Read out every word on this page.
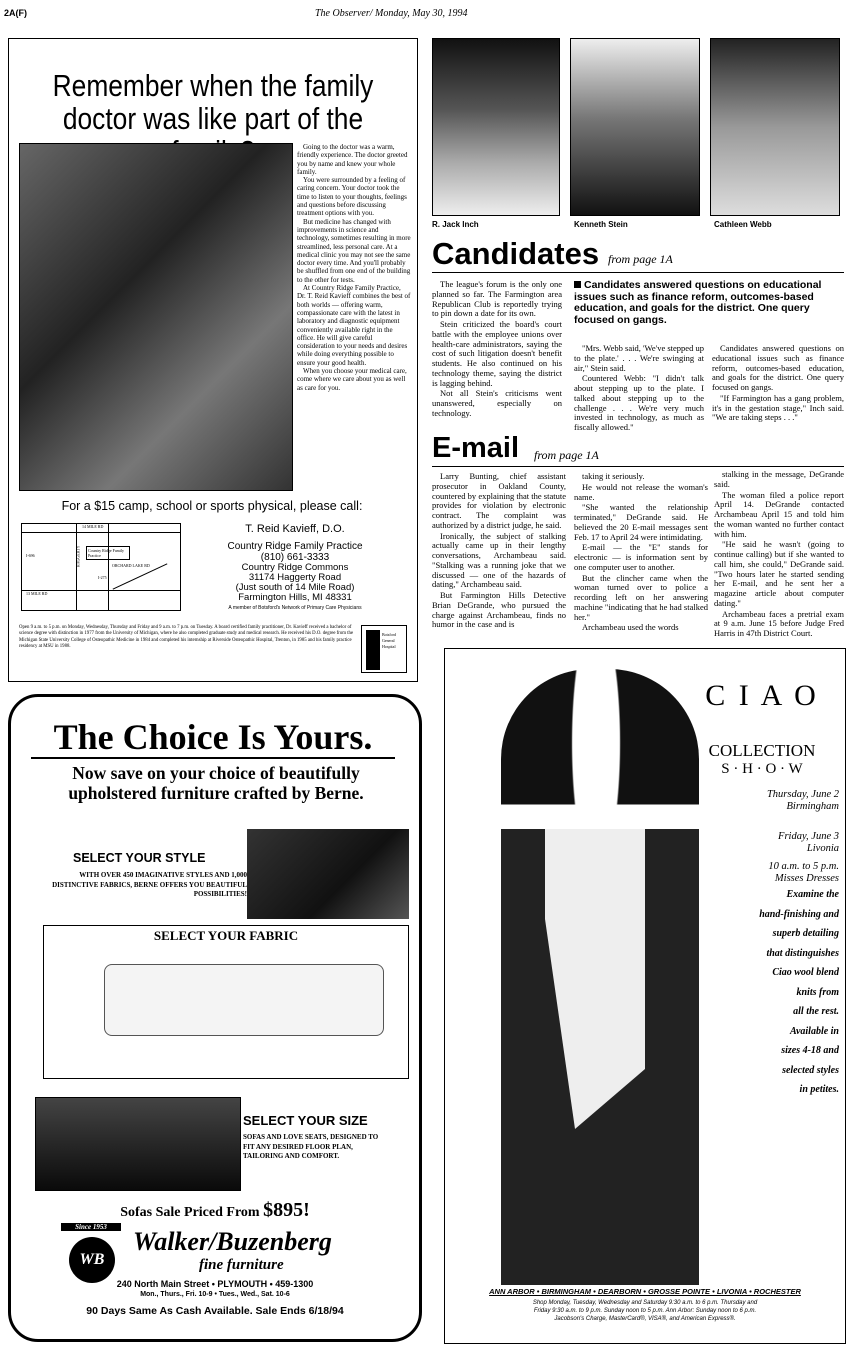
2A(F)	The Observer/ Monday, May 30, 1994
Remember when the family doctor was like part of the

Going to the doctor was a warm, friendly experience. The doctor greeted you by name and knew your whole family.

You were surrounded by a feeling of caring concern. Your doctor took the time to listen to your thoughts, feelings and questions before discussing treatment options with you.

But medicine has changed with improvements in science and technology, sometimes resulting in more streamlined, less personal care. At a medical clinic you may not see the same doctor every time. And you'll probably be shuffled from one end of the building to the other for tests.

At Country Ridge Family Practice, Dr. T. Reid Kavieff combines the best of both worlds — offering warm, compassionate care with the latest in laboratory and diagnostic equipment conveniently available right in the office. He will give careful consideration to your needs and desires while doing everything possible to ensure your good health.

When you choose your medical care, come where we care about you as well as care for you.

For a $15 camp, school or sports physical, please call:
14 MILE RD
13 MILE RD
HAGGERTY
I-696
ORCHARD LAKE RD
I-275
Country Ridge Family Practice
T. Reid Kavieff, D.O.
Country Ridge Family Practice
(810) 661-3333
Country Ridge Commons
31174 Haggerty Road
(Just south of 14 Mile Road)
Farmington Hills, MI 48331
A member of Botsford's Network of Primary Care Physicians
Open 9 a.m. to 5 p.m. on Monday, Wednesday, Thursday and Friday and 9 a.m. to 7 p.m. on Tuesday. A board certified family practitioner, Dr. Kavieff received a bachelor of science degree with distinction in 1977 from the University of Michigan, where he also completed graduate study and medical research. He received his D.O. degree from the Michigan State University College of Osteopathic Medicine in 1984 and completed his internship at Riverside Osteopathic Hospital, Trenton, in 1985 and his family practice residency at MSU in 1988.
Botsford General Hospital
R. Jack Inch	Kenneth Stein	Cathleen Webb
Candidates from page 1A

The league's forum is the only one planned so far. The Farmington area Republican Club is reportedly trying to pin down a date for its own.

Stein criticized the board's court battle with the employee unions over health-care administrators, saying the cost of such litigation doesn't benefit students. He also continued on his technology theme, saying the district is lagging behind.

Not all Stein's criticisms went unanswered, especially on technology.

Candidates answered questions on educational issues such as finance reform, outcomes-based education, and goals for the district. One query focused on gangs.

"Mrs. Webb said, 'We've stepped up to the plate.' . . . We're swinging at air," Stein said.

Countered Webb: "I didn't talk about stepping up to the plate. I talked about stepping up to the challenge . . . We're very much invested in technology, as much as fiscally allowed."

Candidates answered questions on educational issues such as finance reform, outcomes-based education, and goals for the district. One query focused on gangs.

"If Farmington has a gang problem, it's in the gestation stage," Inch said. "We are taking steps . . ."

E-mail from page 1A

Larry Bunting, chief assistant prosecutor in Oakland County, countered by explaining that the statute provides for violation by electronic contract. The complaint was authorized by a district judge, he said.

Ironically, the subject of stalking actually came up in their lengthy conversations, Archambeau said. "Stalking was a running joke that we discussed — one of the hazards of dating," Archambeau said.

But Farmington Hills Detective Brian DeGrande, who pursued the charge against Archambeau, finds no humor in the case and is

taking it seriously.

He would not release the woman's name.

"She wanted the relationship terminated," DeGrande said. He believed the 20 E-mail messages sent Feb. 17 to April 24 were intimidating.

E-mail — the "E" stands for electronic — is information sent by one computer user to another.

But the clincher came when the woman turned over to police a recording left on her answering machine "indicating that he had stalked her."

Archambeau used the words

stalking in the message, DeGrande said.

The woman filed a police report April 14. DeGrande contacted Archambeau April 15 and told him the woman wanted no further contact with him.

"He said he wasn't (going to continue calling) but if she wanted to call him, she could," DeGrande said. "Two hours later he started sending her E-mail, and he sent her a magazine article about computer dating."

Archambeau faces a pretrial exam at 9 a.m. June 15 before Judge Fred Harris in 47th District Court.

The Choice Is Yours.
Now save on your choice of beautifully upholstered furniture crafted by Berne.
SELECT YOUR STYLE
WITH OVER 450 IMAGINATIVE STYLES AND 1,000 DISTINCTIVE FABRICS, BERNE OFFERS YOU BEAUTIFUL POSSIBILITIES!
SELECT YOUR FABRIC
SELECT YOUR SIZE
SOFAS AND LOVE SEATS, DESIGNED TO FIT ANY DESIRED FLOOR PLAN, TAILORING AND COMFORT.
Sofas Sale Priced From $895!
Since 1953
WB
Walker/Buzenberg
fine furniture
240 North Main Street • PLYMOUTH • 459-1300
Mon., Thurs., Fri. 10-9 • Tues., Wed., Sat. 10-6
90 Days Same As Cash Available. Sale Ends 6/18/94
C I A O
COLLECTION
S · H · O · W
Thursday, June 2
Birmingham
Friday, June 3
Livonia
10 a.m. to 5 p.m.
Misses Dresses
Examine the
hand-finishing and
superb detailing
that distinguishes
Ciao wool blend
knits from
all the rest.
Available in
sizes 4-18 and
selected styles
in petites.
ANN ARBOR • BIRMINGHAM • DEARBORN • GROSSE POINTE • LIVONIA • ROCHESTER
Shop Monday, Tuesday, Wednesday and Saturday 9:30 a.m. to 6 p.m. Thursday and
Friday 9:30 a.m. to 9 p.m. Sunday noon to 5 p.m. Ann Arbor: Sunday noon to 6 p.m.
Jacobson's Charge, MasterCard®, VISA®, and American Express®.
